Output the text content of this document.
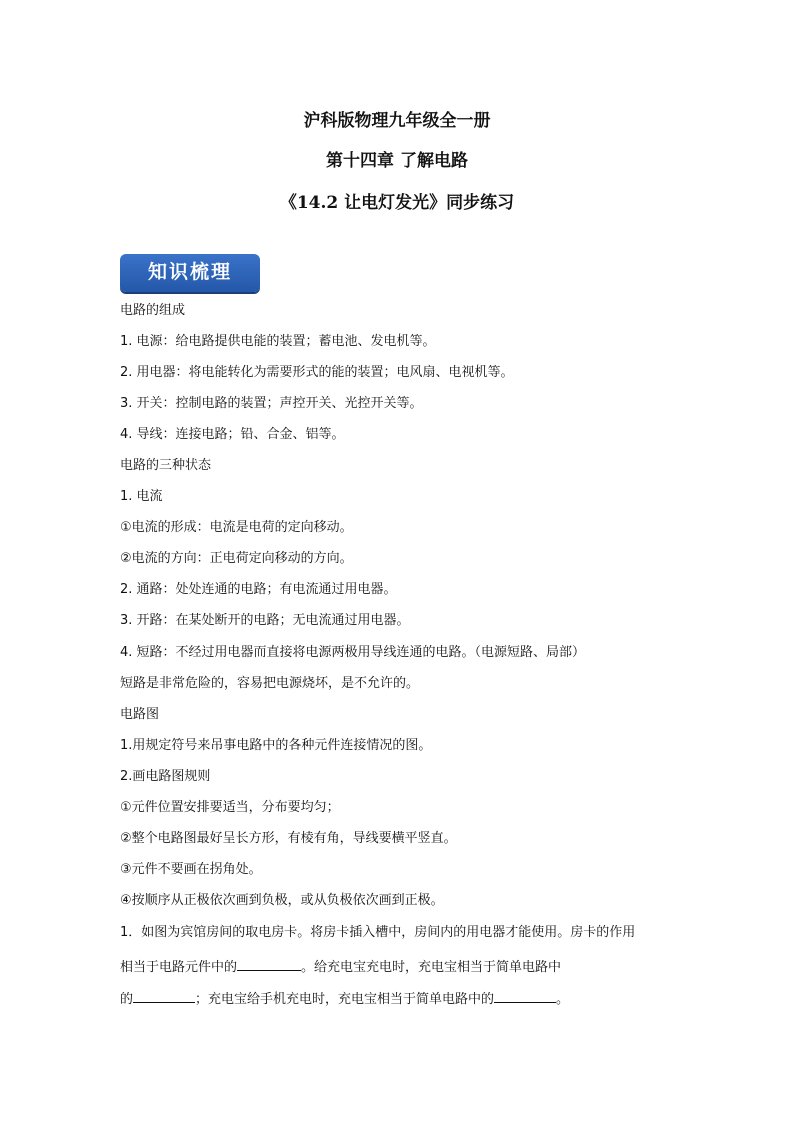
沪科版物理九年级全一册
第十四章 了解电路
《14.2 让电灯发光》同步练习
知识梳理
电路的组成
1. 电源：给电路提供电能的装置；蓄电池、发电机等。
2. 用电器：将电能转化为需要形式的能的装置；电风扇、电视机等。
3. 开关：控制电路的装置；声控开关、光控开关等。
4. 导线：连接电路；铅、合金、铝等。
电路的三种状态
1. 电流
①电流的形成：电流是电荷的定向移动。
②电流的方向：正电荷定向移动的方向。
2. 通路：处处连通的电路；有电流通过用电器。
3. 开路：在某处断开的电路；无电流通过用电器。
4. 短路：不经过用电器而直接将电源两极用导线连通的电路。（电源短路、局部）
短路是非常危险的，容易把电源烧坏，是不允许的。
电路图
1.用规定符号来吊事电路中的各种元件连接情况的图。
2.画电路图规则
①元件位置安排要适当，分布要均匀；
②整个电路图最好呈长方形，有棱有角，导线要横平竖直。
③元件不要画在拐角处。
④按顺序从正极依次画到负极，或从负极依次画到正极。
1．如图为宾馆房间的取电房卡。将房卡插入槽中，房间内的用电器才能使用。房卡的作用
相当于电路元件中的	。给充电宝充电时，充电宝相当于简单电路中
的	；充电宝给手机充电时，充电宝相当于简单电路中的	。
